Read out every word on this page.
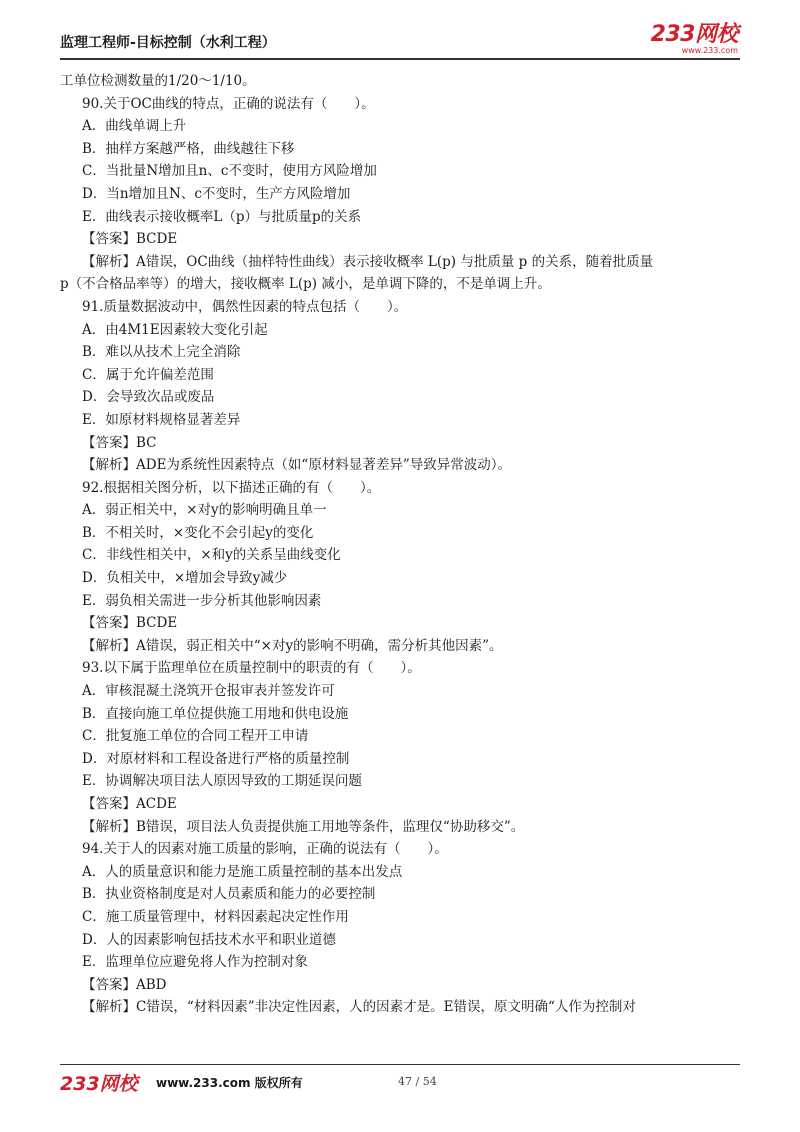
监理工程师-目标控制（水利工程）	233网校
www.233.com
工单位检测数量的1/20～1/10。
90.关于OC曲线的特点，正确的说法有（　　）。
A．曲线单调上升
B．抽样方案越严格，曲线越往下移
C．当批量N增加且n、c不变时，使用方风险增加
D．当n增加且N、c不变时，生产方风险增加
E．曲线表示接收概率L（p）与批质量p的关系
【答案】BCDE
【解析】A错误，OC曲线（抽样特性曲线）表示接收概率 L(p) 与批质量 p 的关系，随着批质量
p（不合格品率等）的增大，接收概率 L(p) 减小，是单调下降的，不是单调上升。
91.质量数据波动中，偶然性因素的特点包括（　　）。
A．由4M1E因素较大变化引起
B．难以从技术上完全消除
C．属于允许偏差范围
D．会导致次品或废品
E．如原材料规格显著差异
【答案】BC
【解析】ADE为系统性因素特点（如“原材料显著差异”导致异常波动）。
92.根据相关图分析，以下描述正确的有（　　）。
A．弱正相关中，×对y的影响明确且单一
B．不相关时，×变化不会引起y的变化
C．非线性相关中，×和y的关系呈曲线变化
D．负相关中，×增加会导致y减少
E．弱负相关需进一步分析其他影响因素
【答案】BCDE
【解析】A错误，弱正相关中“×对y的影响不明确，需分析其他因素”。
93.以下属于监理单位在质量控制中的职责的有（　　）。
A．审核混凝土浇筑开仓报审表并签发许可
B．直接向施工单位提供施工用地和供电设施
C．批复施工单位的合同工程开工申请
D．对原材料和工程设备进行严格的质量控制
E．协调解决项目法人原因导致的工期延误问题
【答案】ACDE
【解析】B错误，项目法人负责提供施工用地等条件，监理仅“协助移交”。
94.关于人的因素对施工质量的影响，正确的说法有（　　）。
A．人的质量意识和能力是施工质量控制的基本出发点
B．执业资格制度是对人员素质和能力的必要控制
C．施工质量管理中，材料因素起决定性作用
D．人的因素影响包括技术水平和职业道德
E．监理单位应避免将人作为控制对象
【答案】ABD
【解析】C错误，“材料因素”非决定性因素，人的因素才是。E错误，原文明确“人作为控制对
233网校 www.233.com 版权所有	47 / 54
